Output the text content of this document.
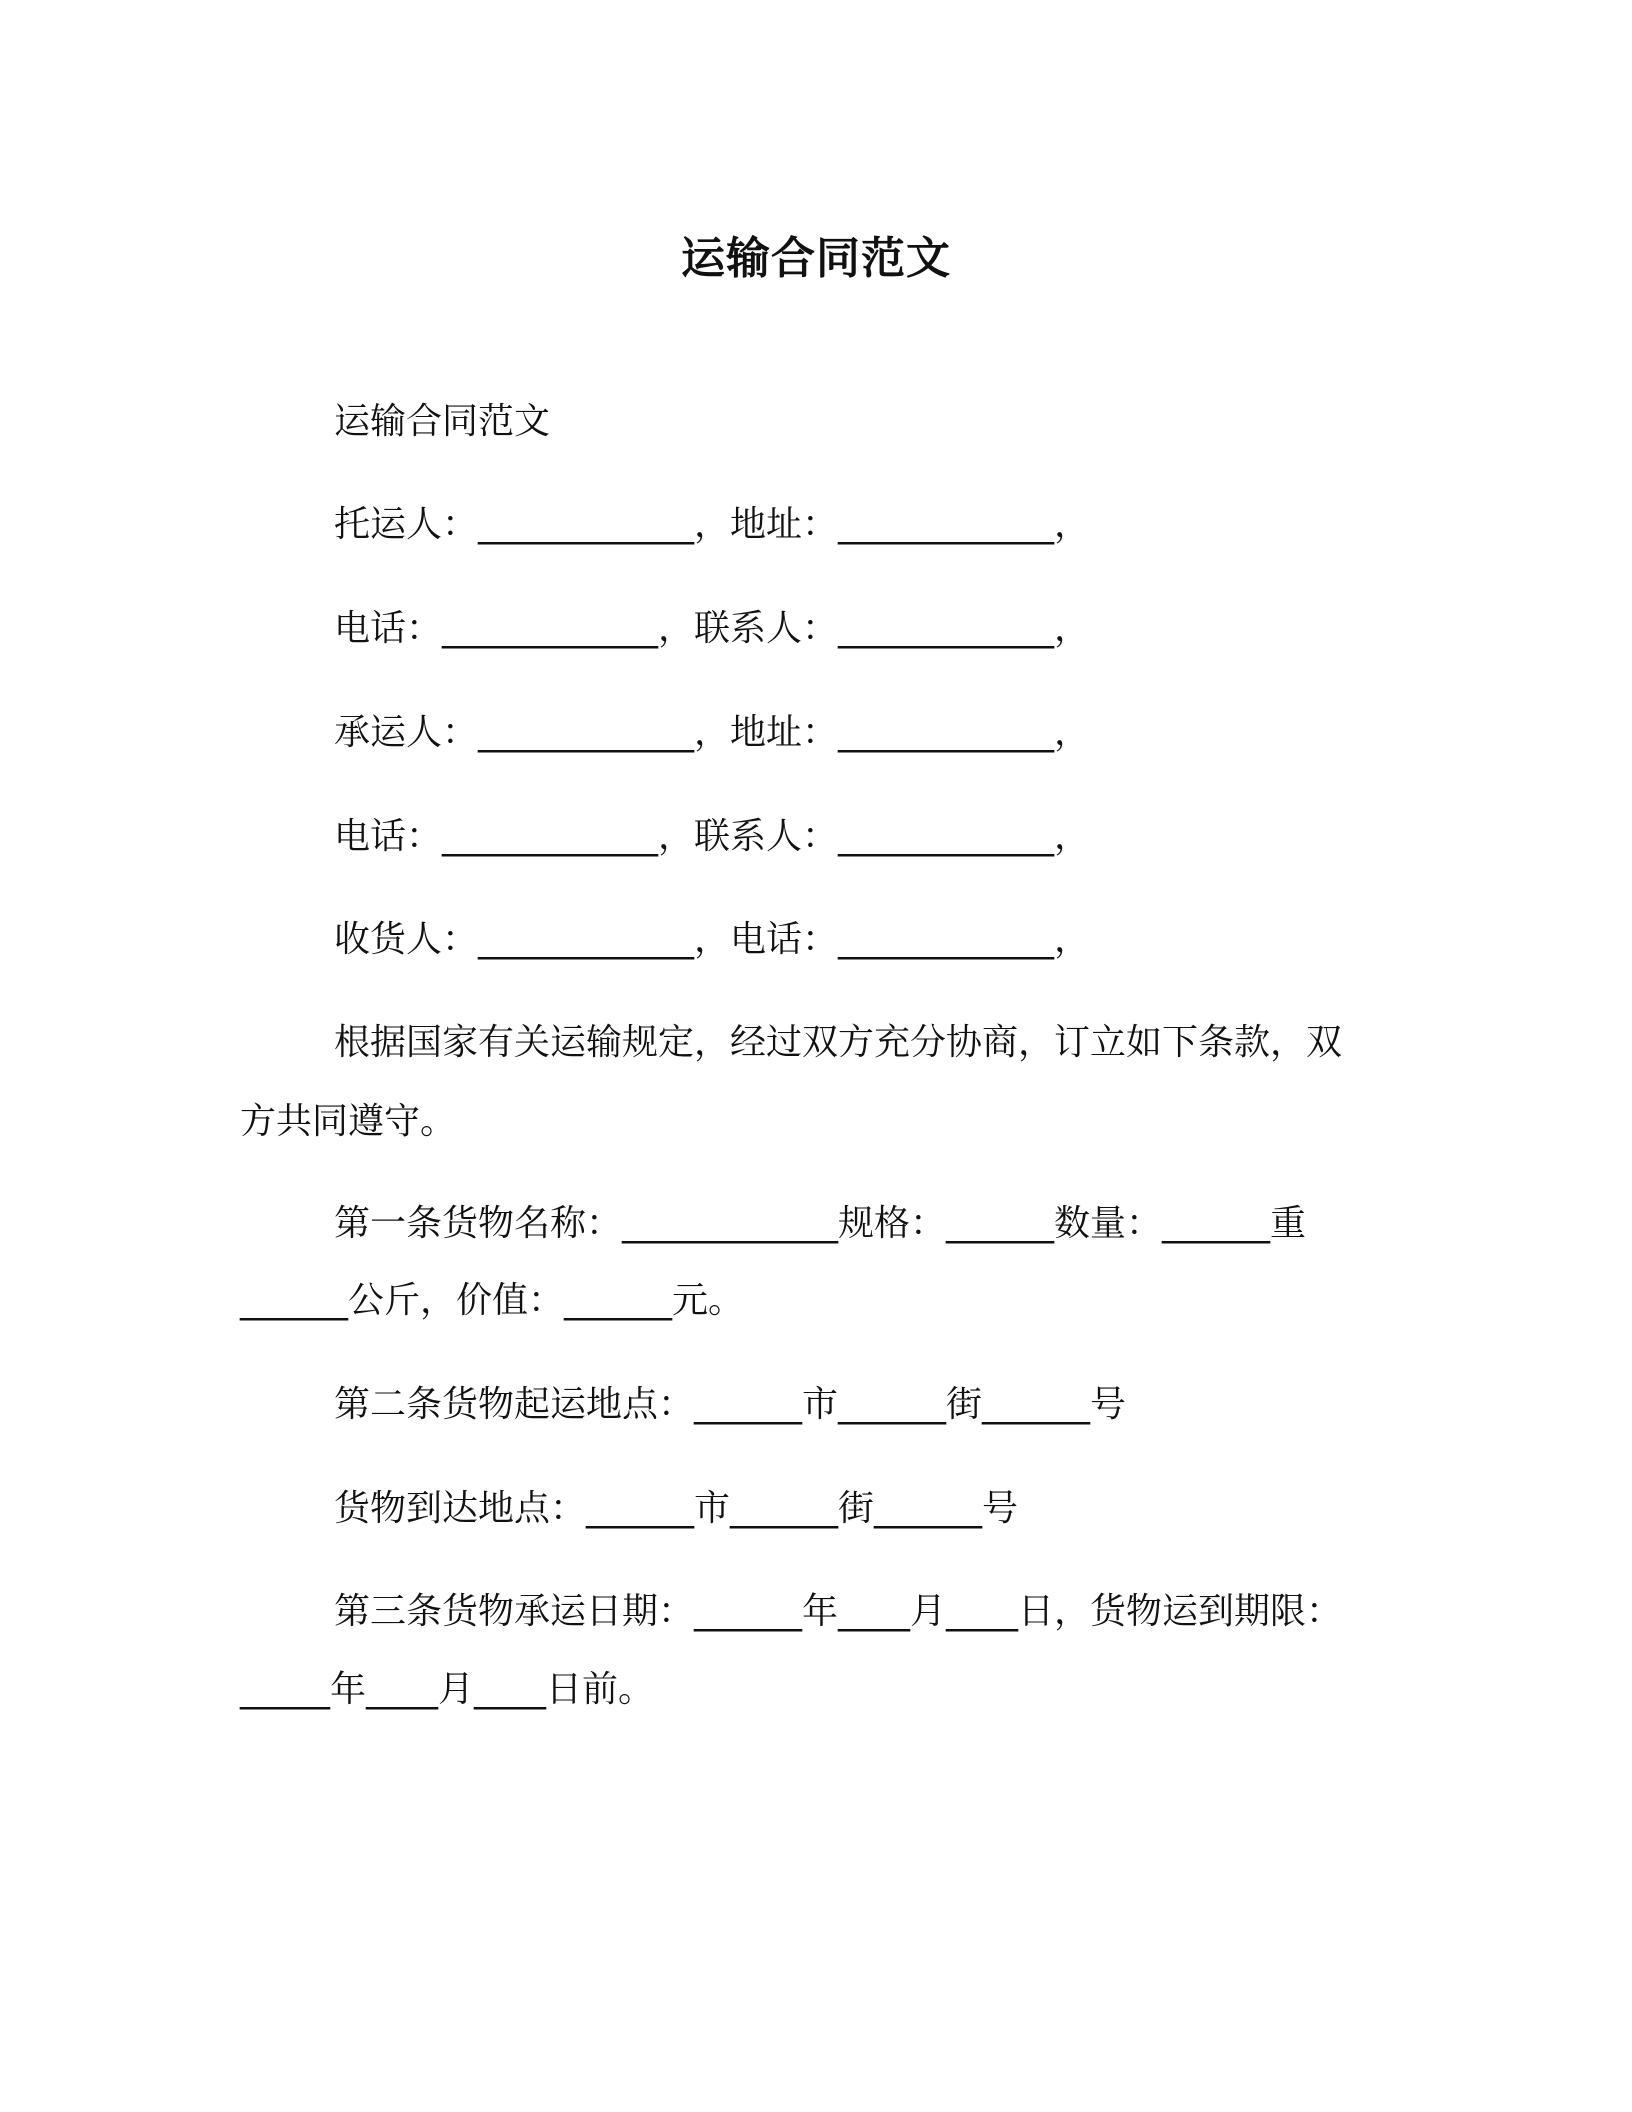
运输合同范文
运输合同范文
托运人：____________，地址：____________，
电话：____________，联系人：____________，
承运人：____________，地址：____________，
电话：____________，联系人：____________，
收货人：____________，电话：____________，
根据国家有关运输规定，经过双方充分协商，订立如下条款，双
方共同遵守。
第一条货物名称：____________规格：______数量：______重
______公斤，价值：______元。
第二条货物起运地点：______市______街______号
货物到达地点：______市______街______号
第三条货物承运日期：______年____月____日，货物运到期限：
_____年____月____日前。
